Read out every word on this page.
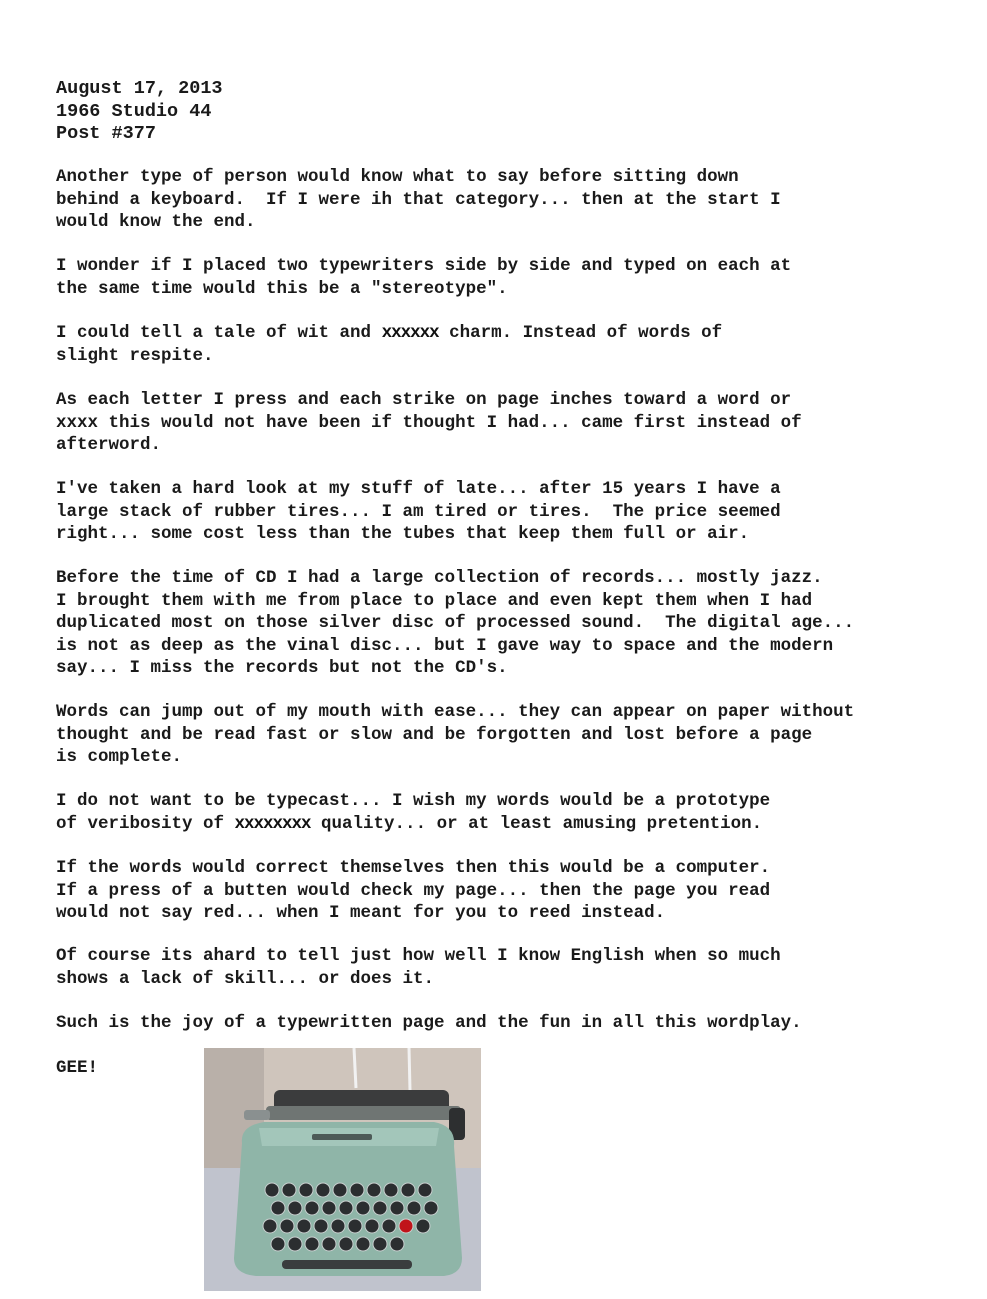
August 17, 2013
1966 Studio 44
Post #377
Another type of person would know what to say before sitting down
behind a keyboard.  If I were ih that category... then at the start I
would know the end.
I wonder if I placed two typewriters side by side and typed on each at
the same time would this be a "stereotype".
I could tell a tale of wit and xxxxxx charm. Instead of words of
slight respite.
As each letter I press and each strike on page inches toward a word or
xxxx this would not have been if thought I had... came first instead of
afterword.
I've taken a hard look at my stuff of late... after 15 years I have a
large stack of rubber tires... I am tired or tires.  The price seemed
right... some cost less than the tubes that keep them full or air.
Before the time of CD I had a large collection of records... mostly jazz.
I brought them with me from place to place and even kept them when I had
duplicated most on those silver disc of processed sound.  The digital age...
is not as deep as the vinal disc... but I gave way to space and the modern
say... I miss the records but not the CD's.
Words can jump out of my mouth with ease... they can appear on paper without
thought and be read fast or slow and be forgotten and lost before a page
is complete.
I do not want to be typecast... I wish my words would be a prototype
of veribosity of xxxxxxxx quality... or at least amusing pretention.
If the words would correct themselves then this would be a computer.
If a press of a butten would check my page... then the page you read
would not say red... when I meant for you to reed instead.
Of course its ahard to tell just how well I know English when so much
shows a lack of skill... or does it.
Such is the joy of a typewritten page and the fun in all this wordplay.
GEE!
